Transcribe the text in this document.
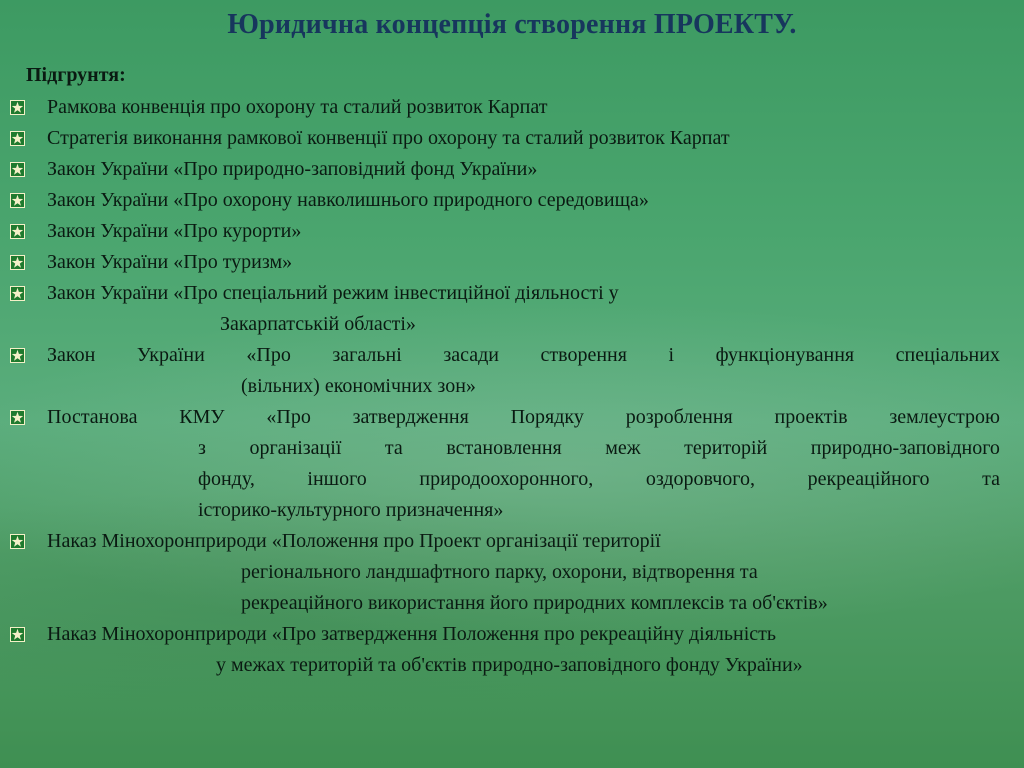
Юридична концепція створення ПРОЕКТУ.
Підгрунтя:
Рамкова конвенція про охорону та сталий розвиток Карпат
Стратегія виконання рамкової конвенції про охорону та сталий розвиток Карпат
Закон України «Про природно-заповідний фонд України»
Закон України «Про охорону навколишнього природного середовища»
Закон України «Про курорти»
Закон України «Про туризм»
Закон України «Про спеціальний режим інвестиційної діяльності у
Закарпатській області»
Закон України «Про загальні засади створення і функціонування спеціальних
(вільних) економічних зон»
Постанова КМУ «Про затвердження Порядку розроблення проектів землеустрою
з організації та встановлення меж територій природно-заповідного
фонду,	іншого	природоохоронного,	оздоровчого,	рекреаційного	та
історико-культурного призначення»
Наказ Мінохоронприроди «Положення про Проект організації території
регіонального ландшафтного парку, охорони, відтворення та
рекреаційного використання його природних комплексів та об'єктів»
Наказ Мінохоронприроди «Про затвердження Положення про рекреаційну діяльність
у межах територій та об'єктів природно-заповідного фонду України»
